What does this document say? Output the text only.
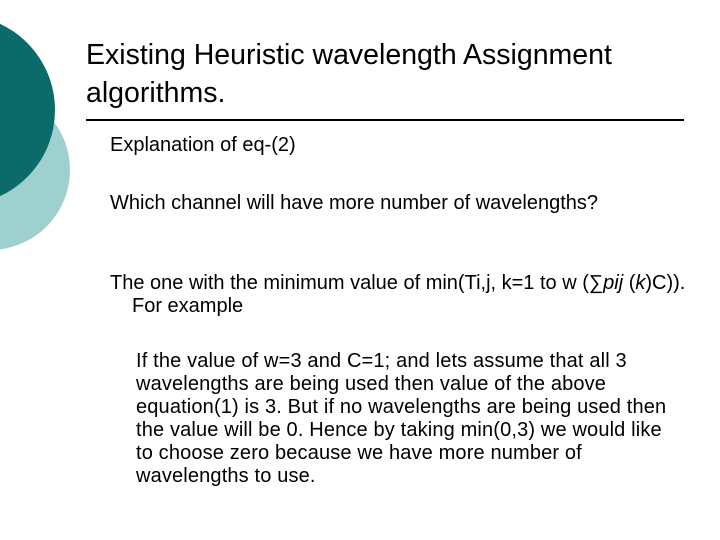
Existing Heuristic wavelength Assignment algorithms.

Explanation of eq-(2)

Which channel will have more number of wavelengths?

The one with the minimum value of min(Ti,j, k=1 to w (∑pij (k)C)). For example

If the value of w=3 and C=1; and lets assume that all 3 wavelengths are being used then value of the above equation(1) is 3. But if no wavelengths are being used then the value will be 0. Hence by taking min(0,3) we would like to choose zero because we have more number of wavelengths to use.
